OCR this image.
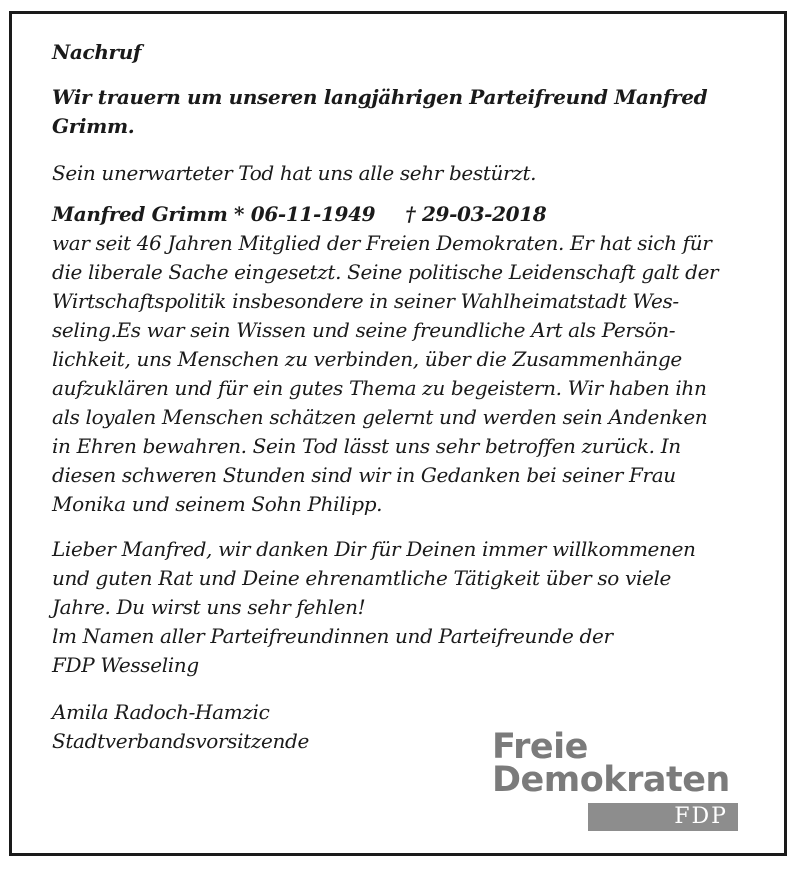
Nachruf

Wir trauern um unseren langjährigen Parteifreund Manfred
Grimm.

Sein unerwarteter Tod hat uns alle sehr bestürzt.

Manfred Grimm * 06-11-1949 † 29-03-2018
war seit 46 Jahren Mitglied der Freien Demokraten. Er hat sich für
die liberale Sache eingesetzt. Seine politische Leidenschaft galt der
Wirtschaftspolitik insbesondere in seiner Wahlheimatstadt Wes-
seling.Es war sein Wissen und seine freundliche Art als Persön-
lichkeit, uns Menschen zu verbinden, über die Zusammenhänge
aufzuklären und für ein gutes Thema zu begeistern. Wir haben ihn
als loyalen Menschen schätzen gelernt und werden sein Andenken
in Ehren bewahren. Sein Tod lässt uns sehr betroffen zurück. In
diesen schweren Stunden sind wir in Gedanken bei seiner Frau
Monika und seinem Sohn Philipp.

Lieber Manfred, wir danken Dir für Deinen immer willkommenen
und guten Rat und Deine ehrenamtliche Tätigkeit über so viele
Jahre. Du wirst uns sehr fehlen!
lm Namen aller Parteifreundinnen und Parteifreunde der
FDP Wesseling

Amila Radoch-Hamzic
Stadtverbandsvorsitzende	Freie
Demokraten
FDP
